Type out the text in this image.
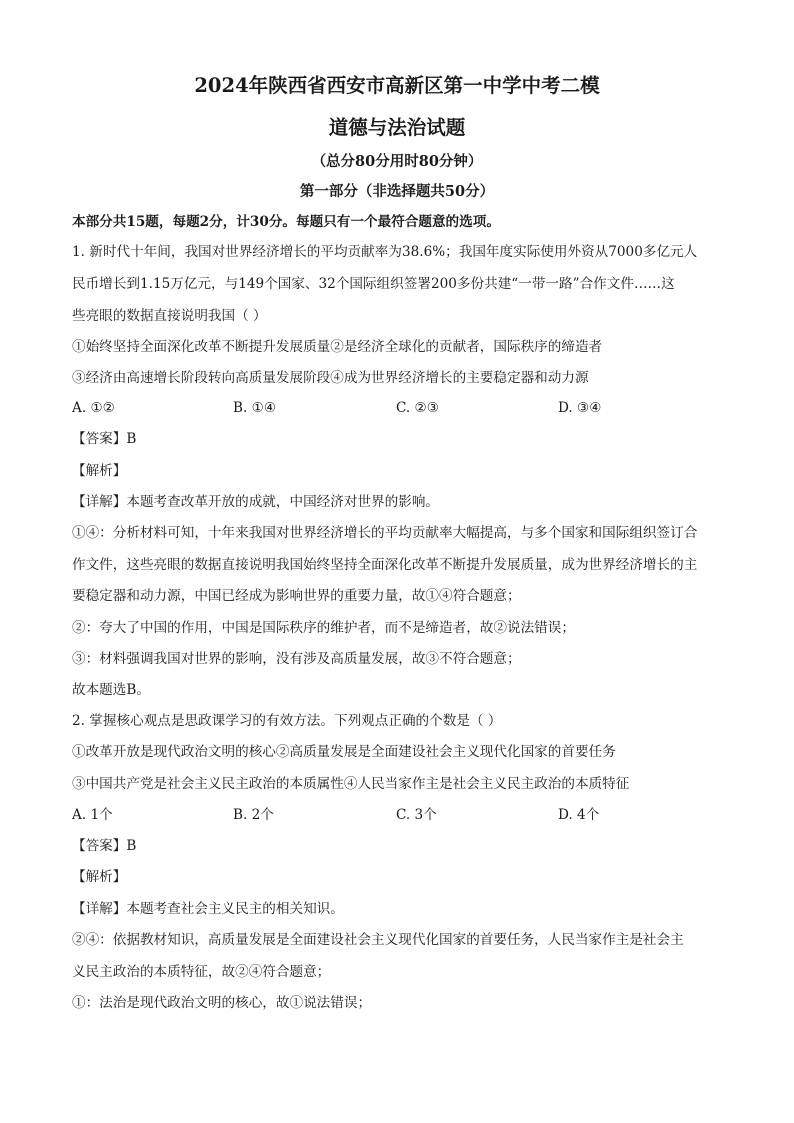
2024年陕西省西安市高新区第一中学中考二模
道德与法治试题
（总分80分用时80分钟）
第一部分（非选择题共50分）
本部分共15题，每题2分，计30分。每题只有一个最符合题意的选项。
1. 新时代十年间，我国对世界经济增长的平均贡献率为38.6%；我国年度实际使用外资从7000多亿元人
民币增长到1.15万亿元，与149个国家、32个国际组织签署200多份共建“一带一路”合作文件……这
些亮眼的数据直接说明我国（ ）
①始终坚持全面深化改革不断提升发展质量②是经济全球化的贡献者，国际秩序的缔造者
③经济由高速增长阶段转向高质量发展阶段④成为世界经济增长的主要稳定器和动力源
A. ①②	B. ①④	C. ②③	D. ③④
【答案】B
【解析】
【详解】本题考查改革开放的成就，中国经济对世界的影响。
①④：分析材料可知，十年来我国对世界经济增长的平均贡献率大幅提高，与多个国家和国际组织签订合
作文件，这些亮眼的数据直接说明我国始终坚持全面深化改革不断提升发展质量，成为世界经济增长的主
要稳定器和动力源，中国已经成为影响世界的重要力量，故①④符合题意；
②：夸大了中国的作用，中国是国际秩序的维护者，而不是缔造者，故②说法错误；
③：材料强调我国对世界的影响，没有涉及高质量发展，故③不符合题意；
故本题选B。
2. 掌握核心观点是思政课学习的有效方法。下列观点正确的个数是（ ）
①改革开放是现代政治文明的核心②高质量发展是全面建设社会主义现代化国家的首要任务
③中国共产党是社会主义民主政治的本质属性④人民当家作主是社会主义民主政治的本质特征
A. 1个	B. 2个	C. 3个	D. 4个
【答案】B
【解析】
【详解】本题考查社会主义民主的相关知识。
②④：依据教材知识，高质量发展是全面建设社会主义现代化国家的首要任务，人民当家作主是社会主
义民主政治的本质特征，故②④符合题意；
①：法治是现代政治文明的核心，故①说法错误；
